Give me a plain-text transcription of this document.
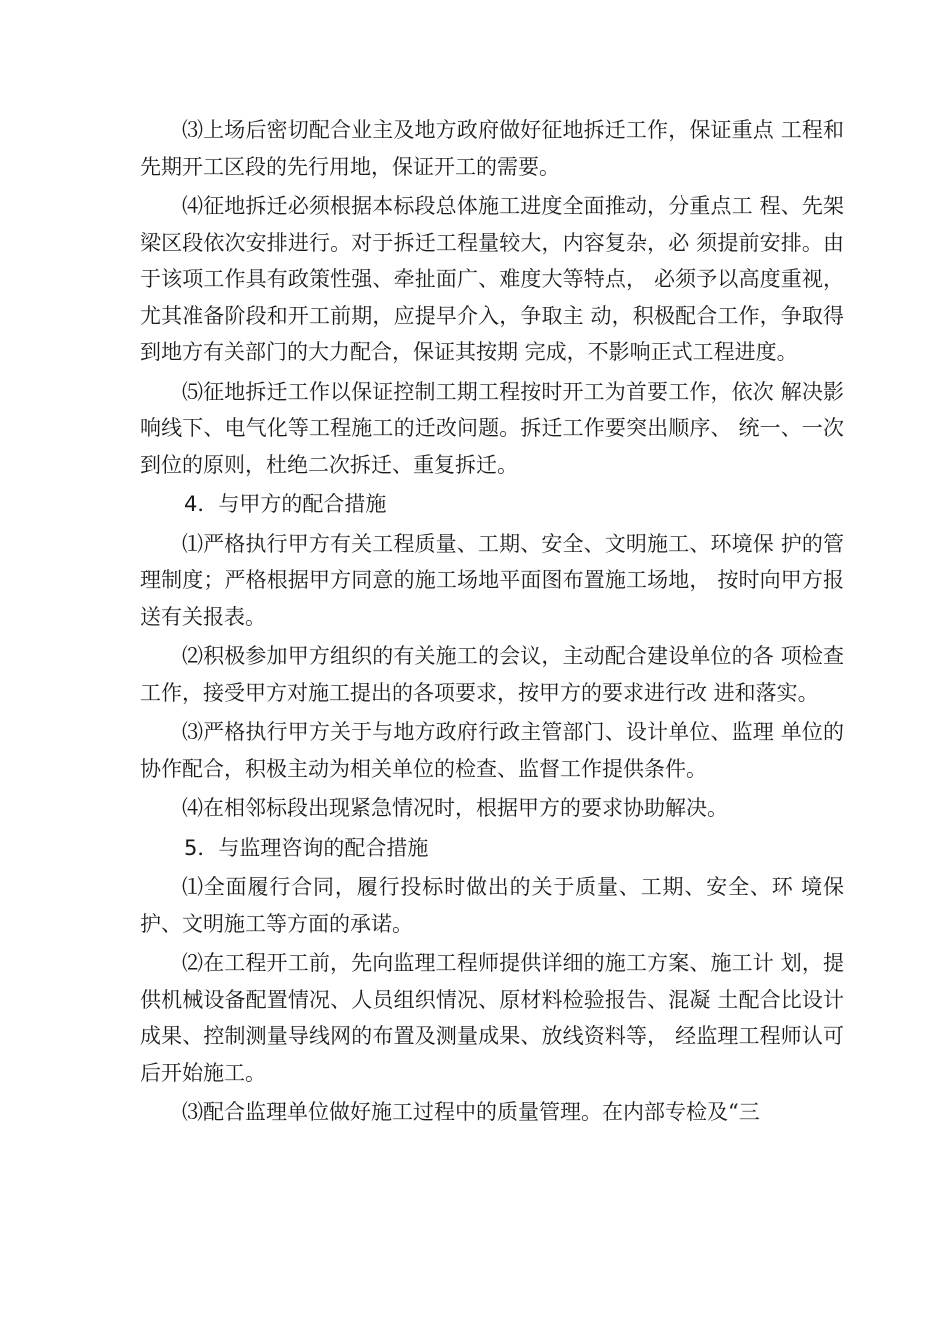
⑶上场后密切配合业主及地方政府做好征地拆迁工作，保证重点 工程和先期开工区段的先行用地，保证开工的需要。

⑷征地拆迁必须根据本标段总体施工进度全面推动，分重点工 程、先架梁区段依次安排进行。对于拆迁工程量较大，内容复杂，必 须提前安排。由于该项工作具有政策性强、牵扯面广、难度大等特点， 必须予以高度重视，尤其准备阶段和开工前期，应提早介入，争取主 动，积极配合工作，争取得到地方有关部门的大力配合，保证其按期 完成，不影响正式工程进度。

⑸征地拆迁工作以保证控制工期工程按时开工为首要工作，依次 解决影响线下、电气化等工程施工的迁改问题。拆迁工作要突出顺序、 统一、一次到位的原则，杜绝二次拆迁、重复拆迁。

4．与甲方的配合措施

⑴严格执行甲方有关工程质量、工期、安全、文明施工、环境保 护的管理制度；严格根据甲方同意的施工场地平面图布置施工场地， 按时向甲方报送有关报表。

⑵积极参加甲方组织的有关施工的会议，主动配合建设单位的各 项检查工作，接受甲方对施工提出的各项要求，按甲方的要求进行改 进和落实。

⑶严格执行甲方关于与地方政府行政主管部门、设计单位、监理 单位的协作配合，积极主动为相关单位的检查、监督工作提供条件。

⑷在相邻标段出现紧急情况时，根据甲方的要求协助解决。

5．与监理咨询的配合措施

⑴全面履行合同，履行投标时做出的关于质量、工期、安全、环 境保护、文明施工等方面的承诺。

⑵在工程开工前，先向监理工程师提供详细的施工方案、施工计 划，提供机械设备配置情况、人员组织情况、原材料检验报告、混凝 土配合比设计成果、控制测量导线网的布置及测量成果、放线资料等， 经监理工程师认可后开始施工。

⑶配合监理单位做好施工过程中的质量管理。在内部专检及“三
